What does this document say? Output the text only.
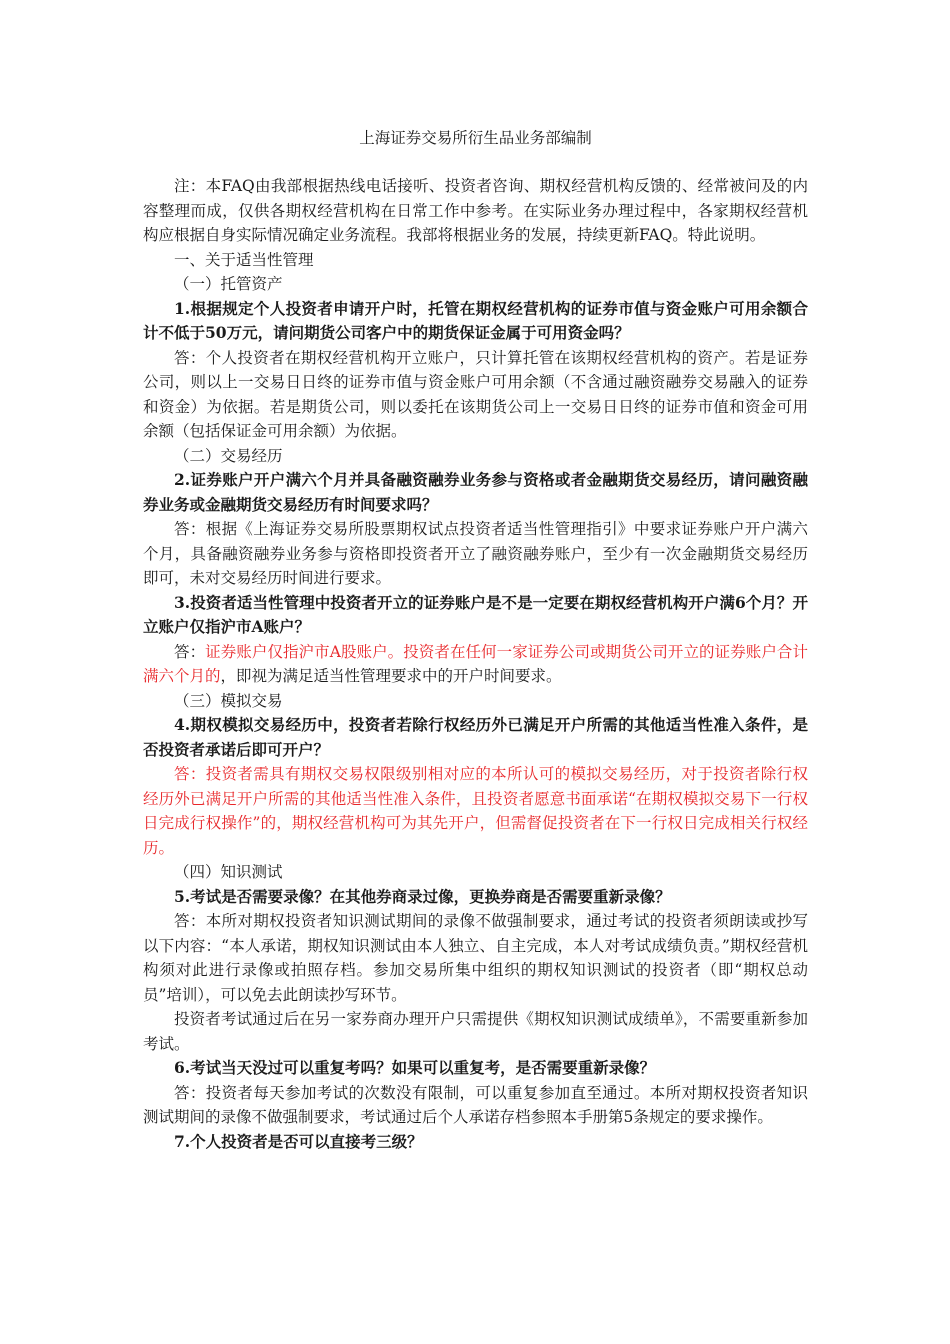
上海证券交易所衍生品业务部编制

注：本FAQ由我部根据热线电话接听、投资者咨询、期权经营机构反馈的、经常被问及的内容整理而成，仅供各期权经营机构在日常工作中参考。在实际业务办理过程中，各家期权经营机构应根据自身实际情况确定业务流程。我部将根据业务的发展，持续更新FAQ。特此说明。

一、关于适当性管理

（一）托管资产

1.根据规定个人投资者申请开户时，托管在期权经营机构的证券市值与资金账户可用余额合计不低于50万元，请问期货公司客户中的期货保证金属于可用资金吗？

答：个人投资者在期权经营机构开立账户，只计算托管在该期权经营机构的资产。若是证券公司，则以上一交易日日终的证券市值与资金账户可用余额（不含通过融资融券交易融入的证券和资金）为依据。若是期货公司，则以委托在该期货公司上一交易日日终的证券市值和资金可用余额（包括保证金可用余额）为依据。

（二）交易经历

2.证券账户开户满六个月并具备融资融券业务参与资格或者金融期货交易经历，请问融资融券业务或金融期货交易经历有时间要求吗？

答：根据《上海证券交易所股票期权试点投资者适当性管理指引》中要求证券账户开户满六个月，具备融资融券业务参与资格即投资者开立了融资融券账户，至少有一次金融期货交易经历即可，未对交易经历时间进行要求。

3.投资者适当性管理中投资者开立的证券账户是不是一定要在期权经营机构开户满6个月？开立账户仅指沪市A账户？

答：证券账户仅指沪市A股账户。投资者在任何一家证券公司或期货公司开立的证券账户合计满六个月的，即视为满足适当性管理要求中的开户时间要求。

（三）模拟交易

4.期权模拟交易经历中，投资者若除行权经历外已满足开户所需的其他适当性准入条件，是否投资者承诺后即可开户？

答：投资者需具有期权交易权限级别相对应的本所认可的模拟交易经历，对于投资者除行权经历外已满足开户所需的其他适当性准入条件，且投资者愿意书面承诺“在期权模拟交易下一行权日完成行权操作”的，期权经营机构可为其先开户，但需督促投资者在下一行权日完成相关行权经历。

（四）知识测试

5.考试是否需要录像？在其他券商录过像，更换券商是否需要重新录像？

答：本所对期权投资者知识测试期间的录像不做强制要求，通过考试的投资者须朗读或抄写以下内容：“本人承诺，期权知识测试由本人独立、自主完成，本人对考试成绩负责。”期权经营机构须对此进行录像或拍照存档。参加交易所集中组织的期权知识测试的投资者（即“期权总动员”培训），可以免去此朗读抄写环节。

投资者考试通过后在另一家券商办理开户只需提供《期权知识测试成绩单》，不需要重新参加考试。

6.考试当天没过可以重复考吗？如果可以重复考，是否需要重新录像？

答：投资者每天参加考试的次数没有限制，可以重复参加直至通过。本所对期权投资者知识测试期间的录像不做强制要求，考试通过后个人承诺存档参照本手册第5条规定的要求操作。

7.个人投资者是否可以直接考三级？
